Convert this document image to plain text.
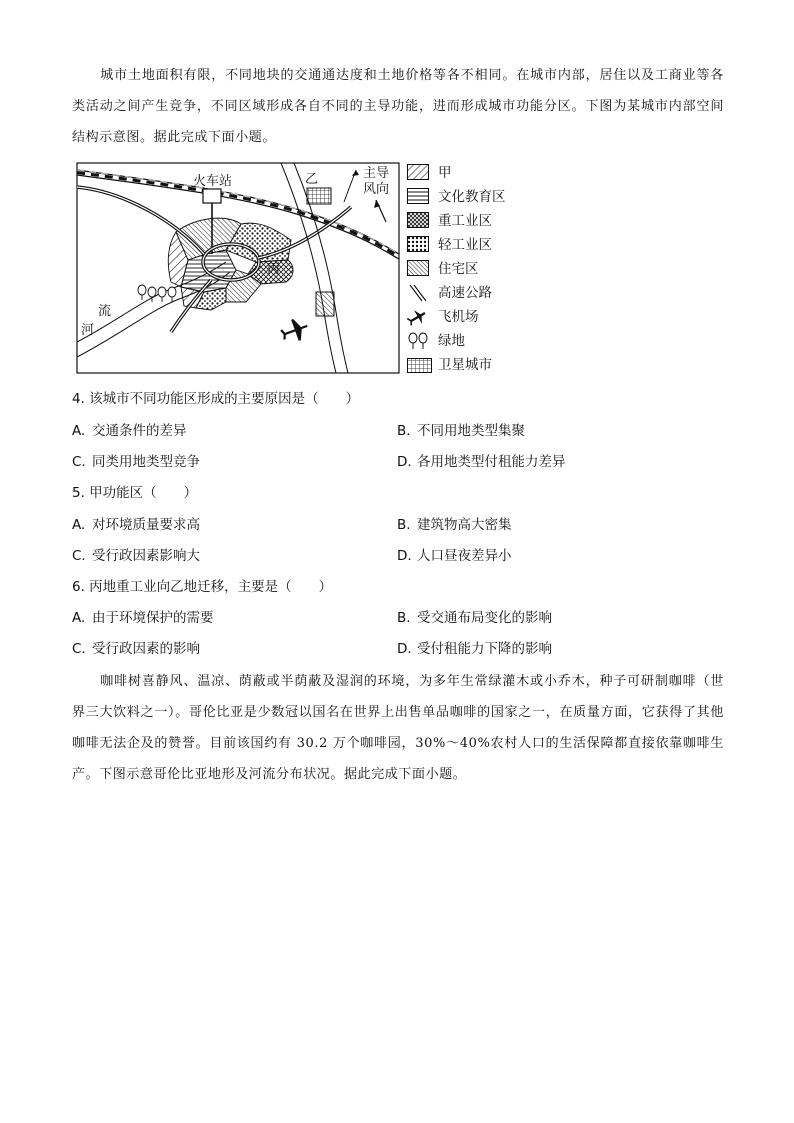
城市土地面积有限，不同地块的交通通达度和土地价格等各不相同。在城市内部，居住以及工商业等各类活动之间产生竞争，不同区域形成各自不同的主导功能，进而形成城市功能分区。下图为某城市内部空间结构示意图。据此完成下面小题。
火车站
流
河
丙
乙	主导
风向
甲
文化教育区
重工业区
轻工业区
住宅区
高速公路
飞机场
绿地
卫星城市
4. 该城市不同功能区形成的主要原因是（　　）
A. 交通条件的差异	B. 不同用地类型集聚
C. 同类用地类型竞争	D. 各用地类型付租能力差异
5. 甲功能区（　　）
A. 对环境质量要求高	B. 建筑物高大密集
C. 受行政因素影响大	D. 人口昼夜差异小
6. 丙地重工业向乙地迁移，主要是（　　）
A. 由于环境保护的需要	B. 受交通布局变化的影响
C. 受行政因素的影响	D. 受付租能力下降的影响
咖啡树喜静风、温凉、荫蔽或半荫蔽及湿润的环境，为多年生常绿灌木或小乔木，种子可研制咖啡（世界三大饮料之一）。哥伦比亚是少数冠以国名在世界上出售单品咖啡的国家之一，在质量方面，它获得了其他咖啡无法企及的赞誉。目前该国约有 30.2 万个咖啡园，30%～40%农村人口的生活保障都直接依靠咖啡生产。下图示意哥伦比亚地形及河流分布状况。据此完成下面小题。
